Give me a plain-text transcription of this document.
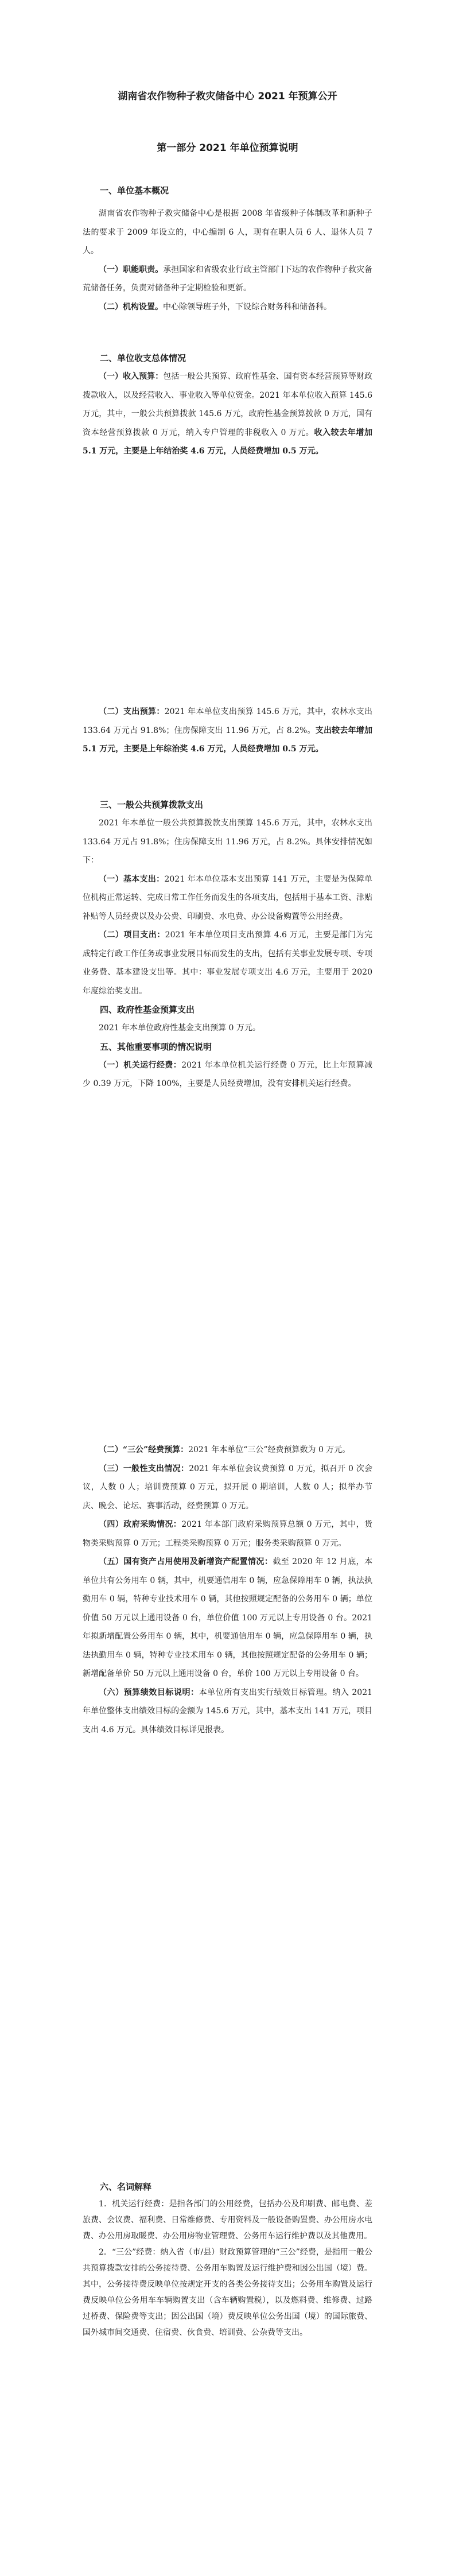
湖南省农作物种子救灾储备中心 2021 年预算公开
第一部分 2021 年单位预算说明

一、单位基本概况

湖南省农作物种子救灾储备中心是根据 2008 年省级种子体制改革和新种子法的要求于 2009 年设立的，中心编制 6 人，现有在职人员 6 人、退休人员 7 人。

（一）职能职责。承担国家和省级农业行政主管部门下达的农作物种子救灾备荒储备任务，负责对储备种子定期检验和更新。

（二）机构设置。中心除领导班子外，下设综合财务科和储备科。

二、单位收支总体情况

（一）收入预算：包括一般公共预算、政府性基金、国有资本经营预算等财政拨款收入，以及经营收入、事业收入等单位资金。2021 年本单位收入预算 145.6 万元，其中，一般公共预算拨款 145.6 万元，政府性基金预算拨款 0 万元，国有资本经营预算拨款 0 万元，纳入专户管理的非税收入 0 万元。收入较去年增加 5.1 万元，主要是上年结治奖 4.6 万元，人员经费增加 0.5 万元。

（二）支出预算：2021 年本单位支出预算 145.6 万元，其中，农林水支出 133.64 万元占 91.8%；住房保障支出 11.96 万元，占 8.2%。支出较去年增加 5.1 万元，主要是上年综治奖 4.6 万元，人员经费增加 0.5 万元。

三、一般公共预算拨款支出

2021 年本单位一般公共预算拨款支出预算 145.6 万元，其中，农林水支出 133.64 万元占 91.8%；住房保障支出 11.96 万元，占 8.2%。具体安排情况如下：

（一）基本支出：2021 年本单位基本支出预算 141 万元，主要是为保障单位机构正常运转、完成日常工作任务而发生的各项支出，包括用于基本工资、津贴补贴等人员经费以及办公费、印刷费、水电费、办公设备购置等公用经费。

（二）项目支出：2021 年本单位项目支出预算 4.6 万元，主要是部门为完成特定行政工作任务或事业发展目标而发生的支出，包括有关事业发展专项、专项业务费、基本建设支出等。其中：事业发展专项支出 4.6 万元，主要用于 2020 年度综治奖支出。

四、政府性基金预算支出

2021 年本单位政府性基金支出预算 0 万元。

五、其他重要事项的情况说明

（一）机关运行经费：2021 年本单位机关运行经费 0 万元，比上年预算减少 0.39 万元，下降 100%，主要是人员经费增加，没有安排机关运行经费。

（二）“三公”经费预算：2021 年本单位“三公”经费预算数为 0 万元。

（三）一般性支出情况：2021 年本单位会议费预算 0 万元，拟召开 0 次会议，人数 0 人；培训费预算 0 万元，拟开展 0 期培训，人数 0 人；拟举办节庆、晚会、论坛、赛事活动，经费预算 0 万元。

（四）政府采购情况：2021 年本部门政府采购预算总额 0 万元，其中，货物类采购预算 0 万元；工程类采购预算 0 万元；服务类采购预算 0 万元。

（五）国有资产占用使用及新增资产配置情况：截至 2020 年 12 月底，本单位共有公务用车 0 辆，其中，机要通信用车 0 辆，应急保障用车 0 辆，执法执勤用车 0 辆，特种专业技术用车 0 辆，其他按照规定配备的公务用车 0 辆；单位价值 50 万元以上通用设备 0 台，单位价值 100 万元以上专用设备 0 台。2021 年拟新增配置公务用车 0 辆，其中，机要通信用车 0 辆，应急保障用车 0 辆，执法执勤用车 0 辆，特种专业技术用车 0 辆，其他按照规定配备的公务用车 0 辆；新增配备单价 50 万元以上通用设备 0 台，单价 100 万元以上专用设备 0 台。

（六）预算绩效目标说明：本单位所有支出实行绩效目标管理。纳入 2021 年单位整体支出绩效目标的金额为 145.6 万元，其中，基本支出 141 万元，项目支出 4.6 万元。具体绩效目标详见报表。

六、名词解释

1．机关运行经费：是指各部门的公用经费，包括办公及印刷费、邮电费、差旅费、会议费、福利费、日常维修费、专用资料及一般设备购置费、办公用房水电费、办公用房取暖费、办公用房物业管理费、公务用车运行维护费以及其他费用。

2．“三公”经费：纳入省（市/县）财政预算管理的“三公”经费，是指用一般公共预算拨款安排的公务接待费、公务用车购置及运行维护费和因公出国（境）费。其中，公务接待费反映单位按规定开支的各类公务接待支出；公务用车购置及运行费反映单位公务用车车辆购置支出（含车辆购置税），以及燃料费、维修费、过路过桥费、保险费等支出；因公出国（境）费反映单位公务出国（境）的国际旅费、国外城市间交通费、住宿费、伙食费、培训费、公杂费等支出。
